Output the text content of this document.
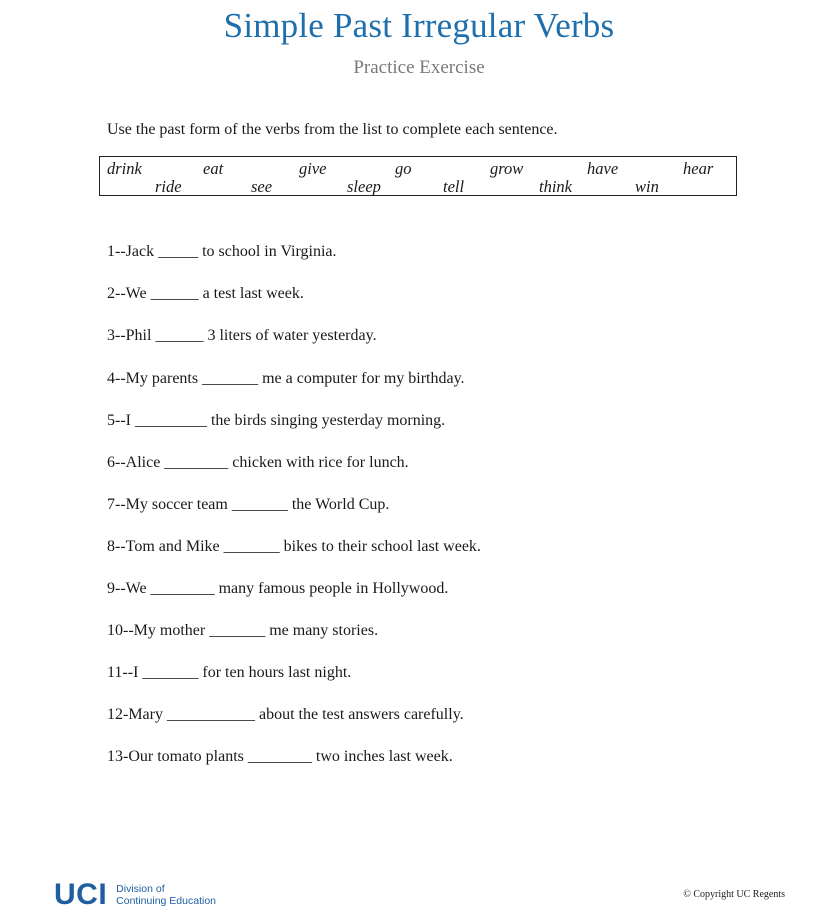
Simple Past Irregular Verbs
Practice Exercise
Use the past form of the verbs from the list to complete each sentence.
drink	eat	give	go	grow	have	hear
ride	see	sleep	tell	think	win
1--Jack _____ to school in Virginia.
2--We ______ a test last week.
3--Phil ______ 3 liters of water yesterday.
4--My parents _______ me a computer for my birthday.
5--I _________ the birds singing yesterday morning.
6--Alice ________ chicken with rice for lunch.
7--My soccer team _______ the World Cup.
8--Tom and Mike _______ bikes to their school last week.
9--We ________ many famous people in Hollywood.
10--My mother _______ me many stories.
11--I _______ for ten hours last night.
12-Mary ___________ about the test answers carefully.
13-Our tomato plants ________ two inches last week.
UCI Division of
Continuing Education
© Copyright UC Regents
